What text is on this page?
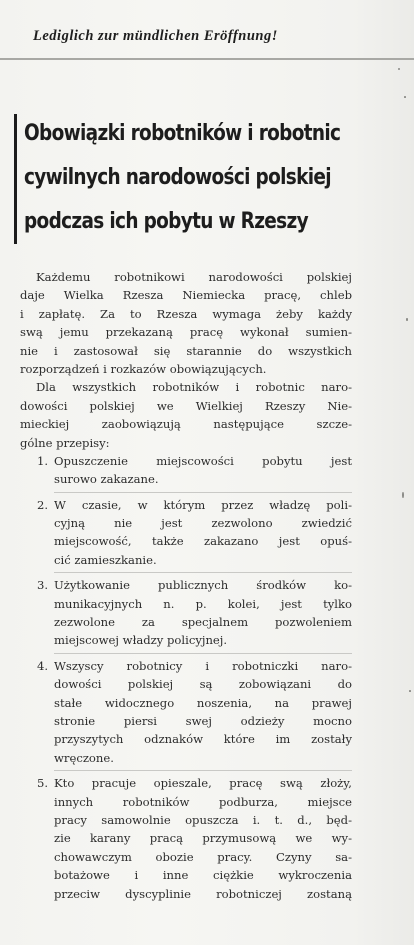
Lediglich zur mündlichen Eröffnung!
Obowiązki robotników i robotnic
cywilnych narodowości polskiej
podczas ich pobytu w Rzeszy
Każdemu robotnikowi narodowości polskiej
daje Wielka Rzesza Niemiecka pracę, chleb
i zapłatę. Za to Rzesza wymaga żeby każdy
swą jemu przekazaną pracę wykonał sumien-
nie i zastosował się starannie do wszystkich
rozporządzeń i rozkazów obowiązujących.
Dla wszystkich robotników i robotnic naro-
dowości polskiej we Wielkiej Rzeszy Nie-
mieckiej zaobowiązują następujące szcze-
gólne przepisy:
1. Opuszczenie miejscowości pobytu jest
surowo zakazane.
2. W czasie, w którym przez władzę poli-
cyjną nie jest zezwolono zwiedzić
miejscowość, także zakazano jest opuś-
cić zamieszkanie.
3. Użytkowanie publicznych środków ko-
munikacyjnych n. p. kolei, jest tylko
zezwolone za specjalnem pozwoleniem
miejscowej władzy policyjnej.
4. Wszyscy robotnicy i robotniczki naro-
dowości polskiej są zobowiązani do
stałe widocznego noszenia, na prawej
stronie piersi swej odzieży mocno
przyszytych odznaków które im zostały
wręczone.
5. Kto pracuje opieszale, pracę swą złoży,
innych robotników podburza, miejsce
pracy samowolnie opuszcza i. t. d., będ-
zie karany pracą przymusową we wy-
chowawczym obozie pracy. Czyny sa-
botażowe i inne ciężkie wykroczenia
przeciw dyscyplinie robotniczej zostaną
